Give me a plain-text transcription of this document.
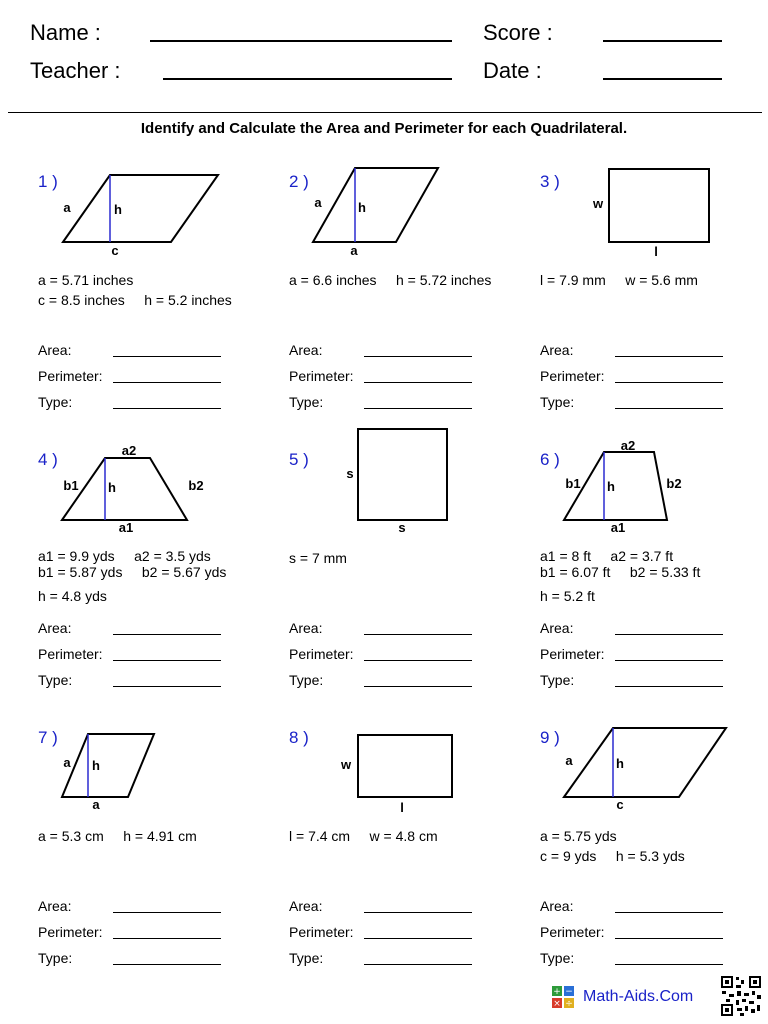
Name :
Teacher :
Score :
Date :
Identify and Calculate the Area and Perimeter for each Quadrilateral.
1 )
a	h
c
a = 5.71 inches
c = 8.5 inches     h = 5.2 inches
Area:
Perimeter:
Type:
2 )
a	h
a
a = 6.6 inches     h = 5.72 inches
Area:
Perimeter:
Type:
3 )
w
l
l = 7.9 mm     w = 5.6 mm
Area:
Perimeter:
Type:
4 )	a2
b1 h	b2
a1
a1 = 9.9 yds     a2 = 3.5 yds
b1 = 5.87 yds     b2 = 5.67 yds
h = 4.8 yds
Area:
Perimeter:
Type:
5 )
s
s
s = 7 mm
Area:
Perimeter:
Type:
6 )
a2
b1 h	b2
a1
a1 = 8 ft     a2 = 3.7 ft
b1 = 6.07 ft     b2 = 5.33 ft
h = 5.2 ft
Area:
Perimeter:
Type:
7 )
a h
a
a = 5.3 cm     h = 4.91 cm
Area:
Perimeter:
Type:
8 )
w
l
l = 7.4 cm     w = 4.8 cm
Area:
Perimeter:
Type:
9 )
a	h
c
a = 5.75 yds
c = 9 yds     h = 5.3 yds
Area:
Perimeter:
Type:
+ −
× ÷ Math-Aids.Com
